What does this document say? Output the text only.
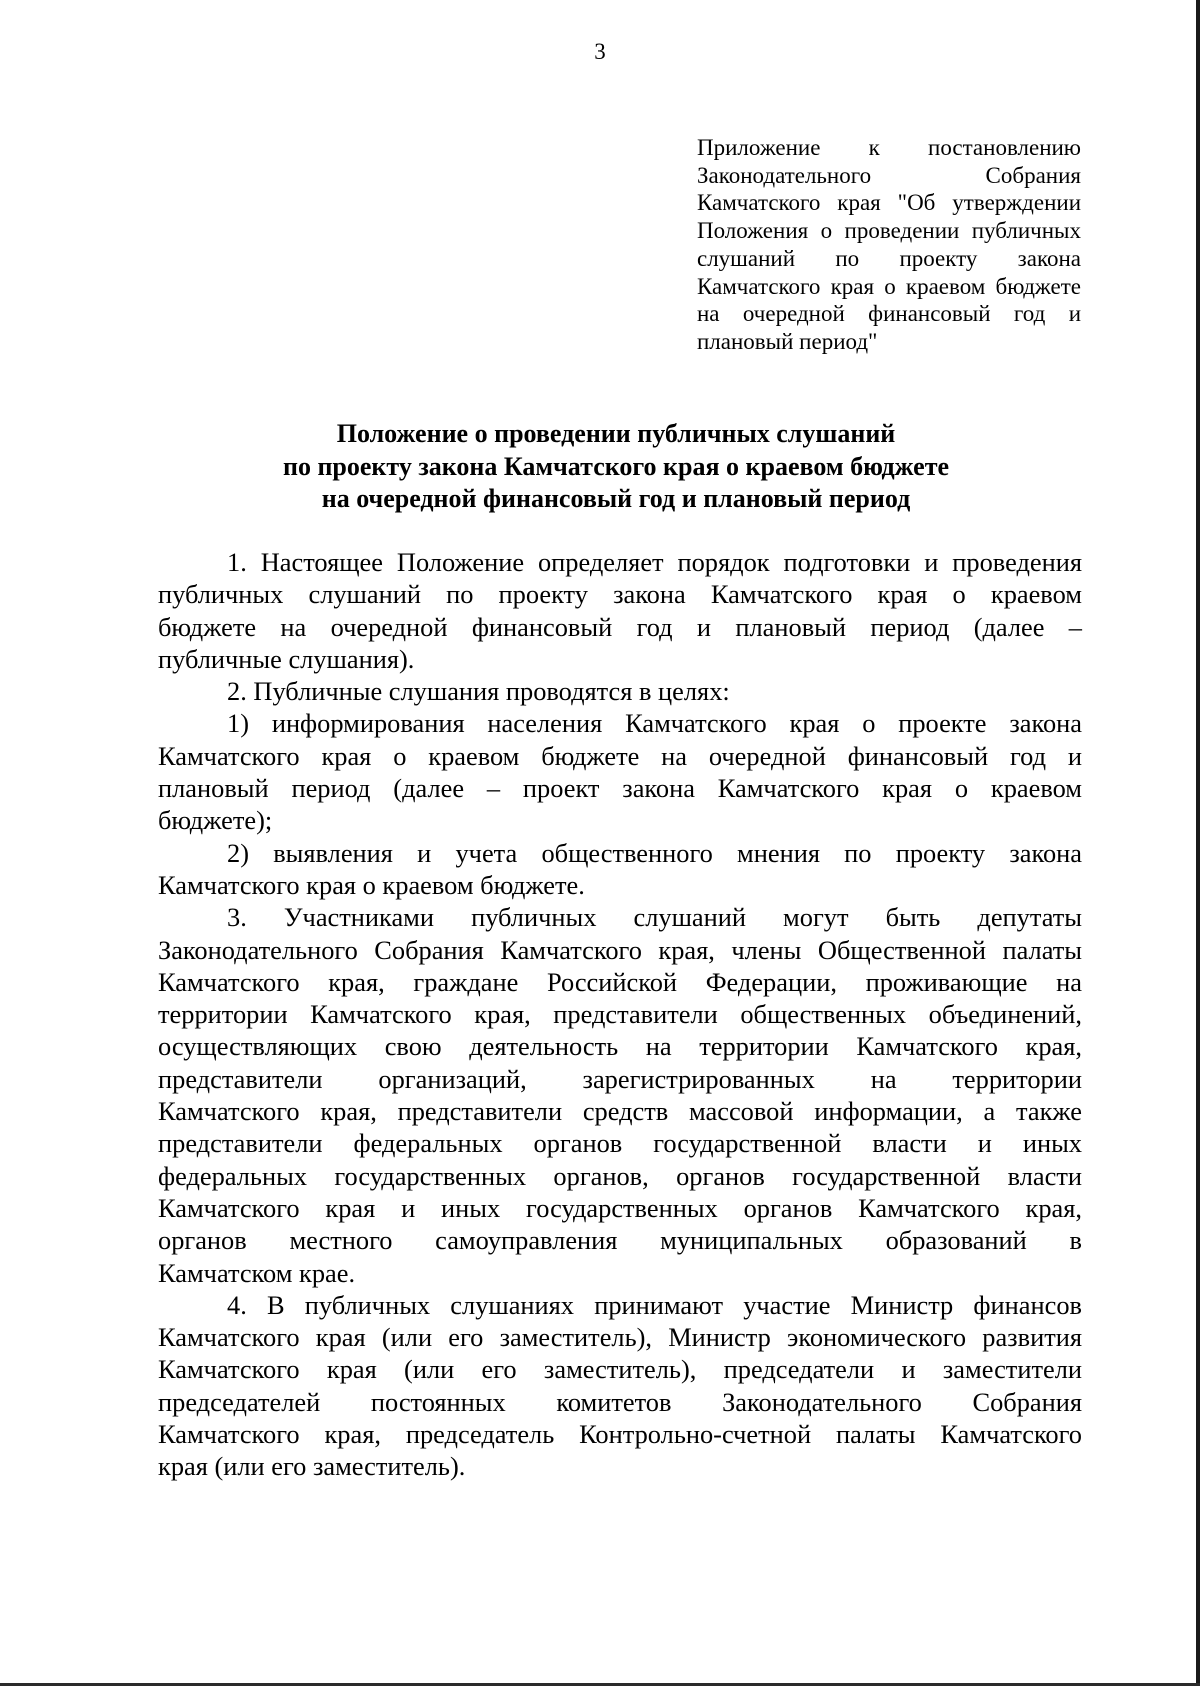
3
Приложение к постановлению
Законодательного Собрания
Камчатского края "Об утверждении
Положения о проведении публичных
слушаний по проекту закона
Камчатского края о краевом бюджете
на очередной финансовый год и
плановый период"
Положение о проведении публичных слушаний
по проекту закона Камчатского края о краевом бюджете
на очередной финансовый год и плановый период
1. Настоящее Положение определяет порядок подготовки и проведения
публичных слушаний по проекту закона Камчатского края о краевом
бюджете на очередной финансовый год и плановый период (далее –
публичные слушания).
2. Публичные слушания проводятся в целях:
1) информирования населения Камчатского края о проекте закона
Камчатского края о краевом бюджете на очередной финансовый год и
плановый период (далее – проект закона Камчатского края о краевом
бюджете);
2) выявления и учета общественного мнения по проекту закона
Камчатского края о краевом бюджете.
3. Участниками публичных слушаний могут быть депутаты
Законодательного Собрания Камчатского края, члены Общественной палаты
Камчатского края, граждане Российской Федерации, проживающие на
территории Камчатского края, представители общественных объединений,
осуществляющих свою деятельность на территории Камчатского края,
представители организаций, зарегистрированных на территории
Камчатского края, представители средств массовой информации, а также
представители федеральных органов государственной власти и иных
федеральных государственных органов, органов государственной власти
Камчатского края и иных государственных органов Камчатского края,
органов местного самоуправления муниципальных образований в
Камчатском крае.
4. В публичных слушаниях принимают участие Министр финансов
Камчатского края (или его заместитель), Министр экономического развития
Камчатского края (или его заместитель), председатели и заместители
председателей постоянных комитетов Законодательного Собрания
Камчатского края, председатель Контрольно-счетной палаты Камчатского
края (или его заместитель).
